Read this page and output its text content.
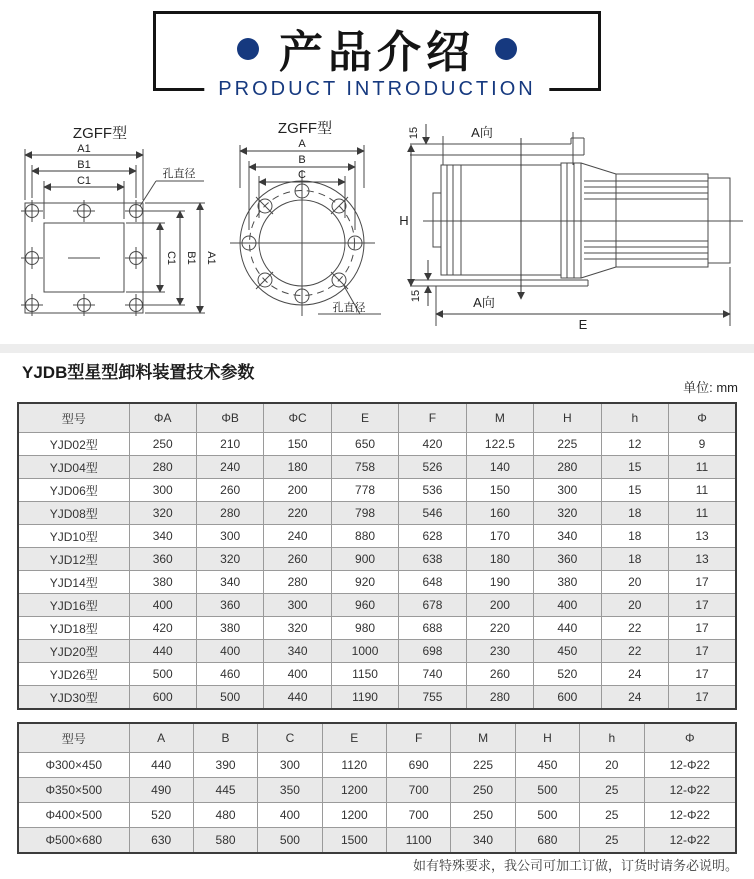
产品介绍
PRODUCT INTRODUCTION
ZGFF型
A1
B1
C1
孔直径
C1 B1 A1
ZGFF型
A
B
C
孔直径
15	A向
H
15	A向
E
YJDB型星型卸料装置技术参数
单位: mm
型号	ΦA	ΦB	ΦC	E	F	M	H	h	Φ
YJD02型	250	210	150	650	420	122.5	225	12	9
YJD04型	280	240	180	758	526	140	280	15	11
YJD06型	300	260	200	778	536	150	300	15	11
YJD08型	320	280	220	798	546	160	320	18	11
YJD10型	340	300	240	880	628	170	340	18	13
YJD12型	360	320	260	900	638	180	360	18	13
YJD14型	380	340	280	920	648	190	380	20	17
YJD16型	400	360	300	960	678	200	400	20	17
YJD18型	420	380	320	980	688	220	440	22	17
YJD20型	440	400	340	1000	698	230	450	22	17
YJD26型	500	460	400	1150	740	260	520	24	17
YJD30型	600	500	440	1190	755	280	600	24	17
型号	A	B	C	E	F	M	H	h	Φ
Φ300×450	440	390	300	1120	690	225	450	20	12-Φ22
Φ350×500	490	445	350	1200	700	250	500	25	12-Φ22
Φ400×500	520	480	400	1200	700	250	500	25	12-Φ22
Φ500×680	630	580	500	1500	1100	340	680	25	12-Φ22
如有特殊要求，我公司可加工订做，订货时请务必说明。
